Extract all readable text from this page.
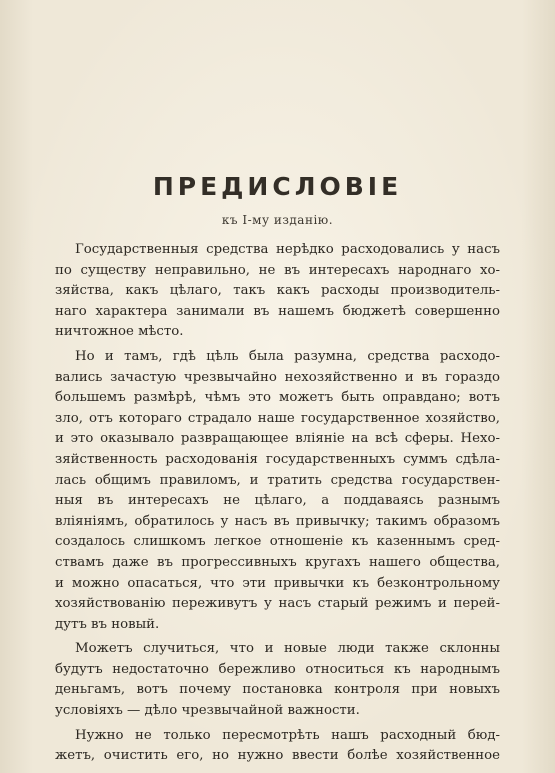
ПРЕДИСЛОВIЕ
къ I-му изданiю.
Государственныя средства нерѣдко расходовались у насъ
по существу неправильно, не въ интересахъ народнаго хо-
зяйства, какъ цѣлаго, такъ какъ расходы производитель-
наго характера занимали въ нашемъ бюджетѣ совершенно
ничтожное мѣсто.
Но и тамъ, гдѣ цѣль была разумна, средства расходо-
вались зачастую чрезвычайно нехозяйственно и въ гораздо
большемъ размѣрѣ, чѣмъ это можетъ быть оправдано; вотъ
зло, отъ котораго страдало наше государственное хозяйство,
и это оказывало развращающее вліяніе на всѣ сферы. Нехо-
зяйственность расходованія государственныхъ суммъ сдѣла-
лась общимъ правиломъ, и тратить средства государствен-
ныя въ интересахъ не цѣлаго, а поддаваясь разнымъ
вліяніямъ, обратилось у насъ въ привычку; такимъ образомъ
создалось слишкомъ легкое отношеніе къ казеннымъ сред-
ствамъ даже въ прогрессивныхъ кругахъ нашего общества,
и можно опасаться, что эти привычки къ безконтрольному
хозяйствованію переживутъ у насъ старый режимъ и перей-
дутъ въ новый.
Можетъ случиться, что и новые люди также склонны
будутъ недостаточно бережливо относиться къ народнымъ
деньгамъ, вотъ почему постановка контроля при новыхъ
условіяхъ — дѣло чрезвычайной важности.
Нужно не только пересмотрѣть нашъ расходный бюд-
жетъ, очистить его, но нужно ввести болѣе хозяйственное
